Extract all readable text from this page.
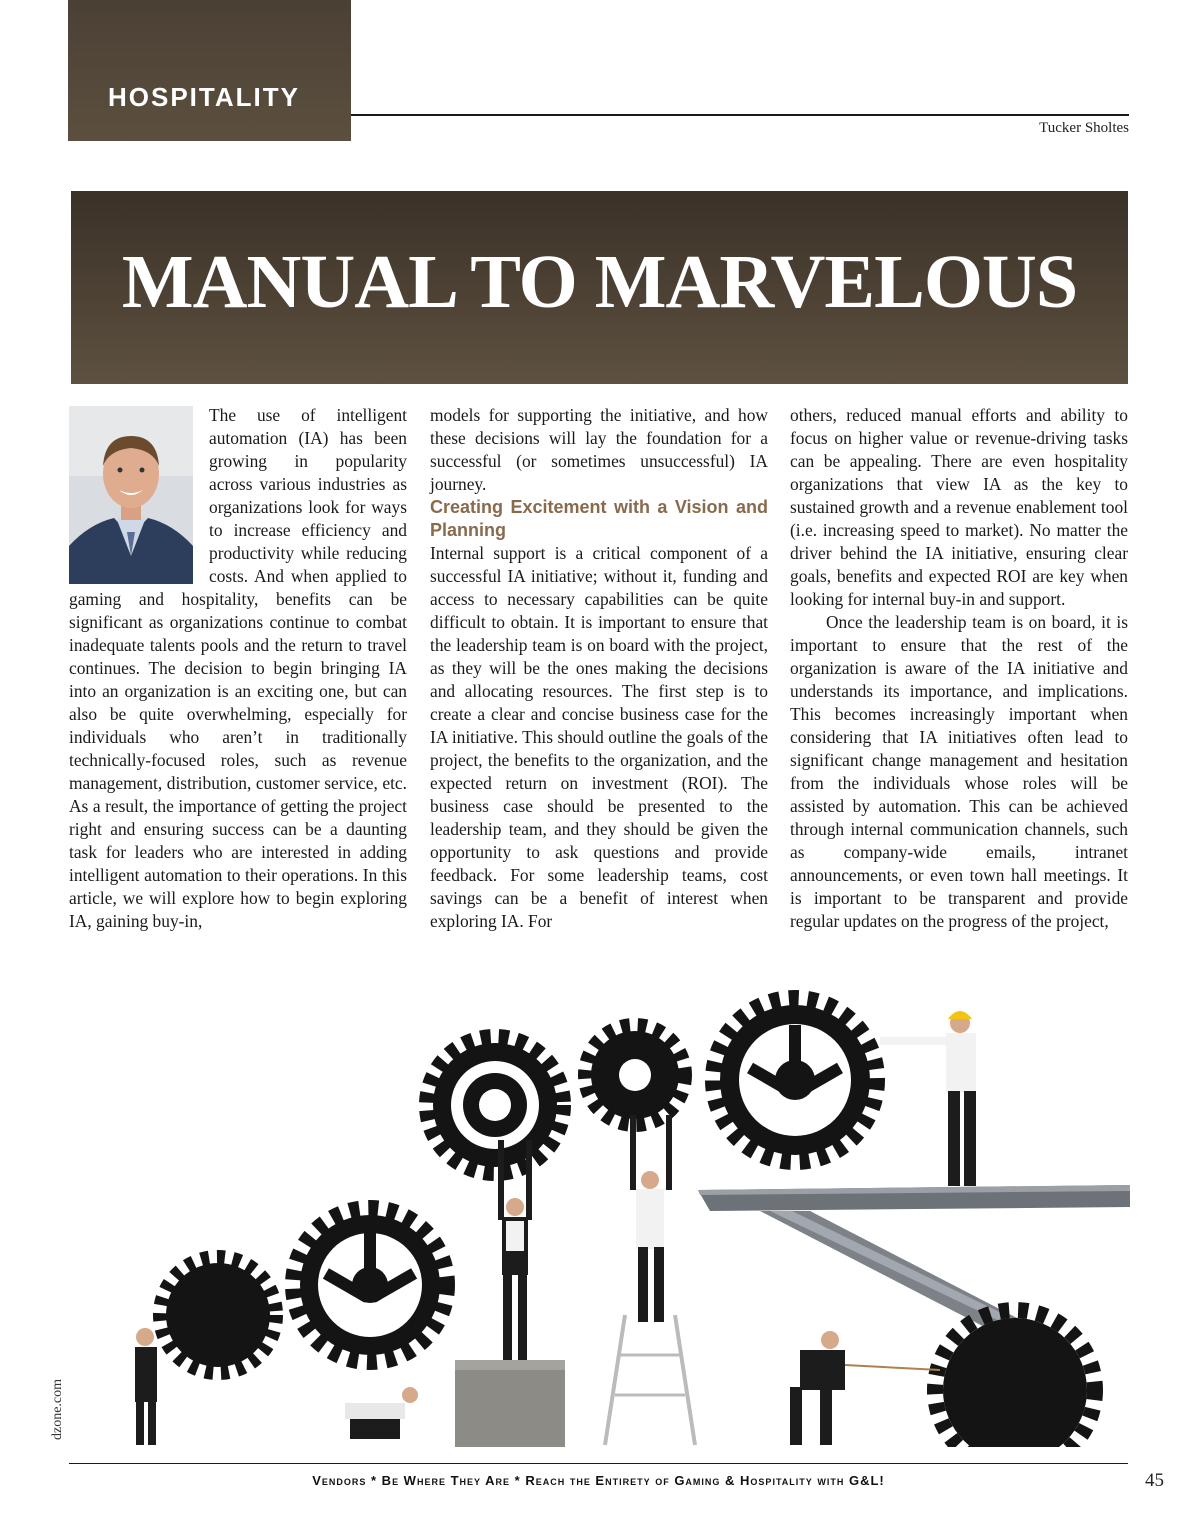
HOSPITALITY
Tucker Sholtes
MANUAL TO MARVELOUS

The use of intelligent automation (IA) has been growing in popularity across various industries as organizations look for ways to increase efficiency and productivity while reducing costs. And when applied to gaming and hospitality, benefits can be significant as organizations continue to combat inadequate talents pools and the return to travel continues. The decision to begin bringing IA into an organization is an exciting one, but can also be quite overwhelming, especially for individuals who aren’t in traditionally technically-focused roles, such as revenue management, distribution, customer service, etc. As a result, the importance of getting the project right and ensuring success can be a daunting task for leaders who are interested in adding intelligent automation to their operations. In this article, we will explore how to begin exploring IA, gaining buy-in,

models for supporting the initiative, and how these decisions will lay the foundation for a successful (or sometimes unsuccessful) IA journey.

Creating Excitement with a Vision and Planning

Internal support is a critical component of a successful IA initiative; without it, funding and access to necessary capabilities can be quite difficult to obtain. It is important to ensure that the leadership team is on board with the project, as they will be the ones making the decisions and allocating resources. The first step is to create a clear and concise business case for the IA initiative. This should outline the goals of the project, the benefits to the organization, and the expected return on investment (ROI). The business case should be presented to the leadership team, and they should be given the opportunity to ask questions and provide feedback. For some leadership teams, cost savings can be a benefit of interest when exploring IA. For

others, reduced manual efforts and ability to focus on higher value or revenue-driving tasks can be appealing. There are even hospitality organizations that view IA as the key to sustained growth and a revenue enablement tool (i.e. increasing speed to market). No matter the driver behind the IA initiative, ensuring clear goals, benefits and expected ROI are key when looking for internal buy-in and support.

Once the leadership team is on board, it is important to ensure that the rest of the organization is aware of the IA initiative and understands its importance, and implications. This becomes increasingly important when considering that IA initiatives often lead to significant change management and hesitation from the individuals whose roles will be assisted by automation. This can be achieved through internal communication channels, such as company-wide emails, intranet announcements, or even town hall meetings. It is important to be transparent and provide regular updates on the progress of the project,

dzone.com
Vendors * Be Where They Are * Reach the Entirety of Gaming & Hospitality with G&L!	45
